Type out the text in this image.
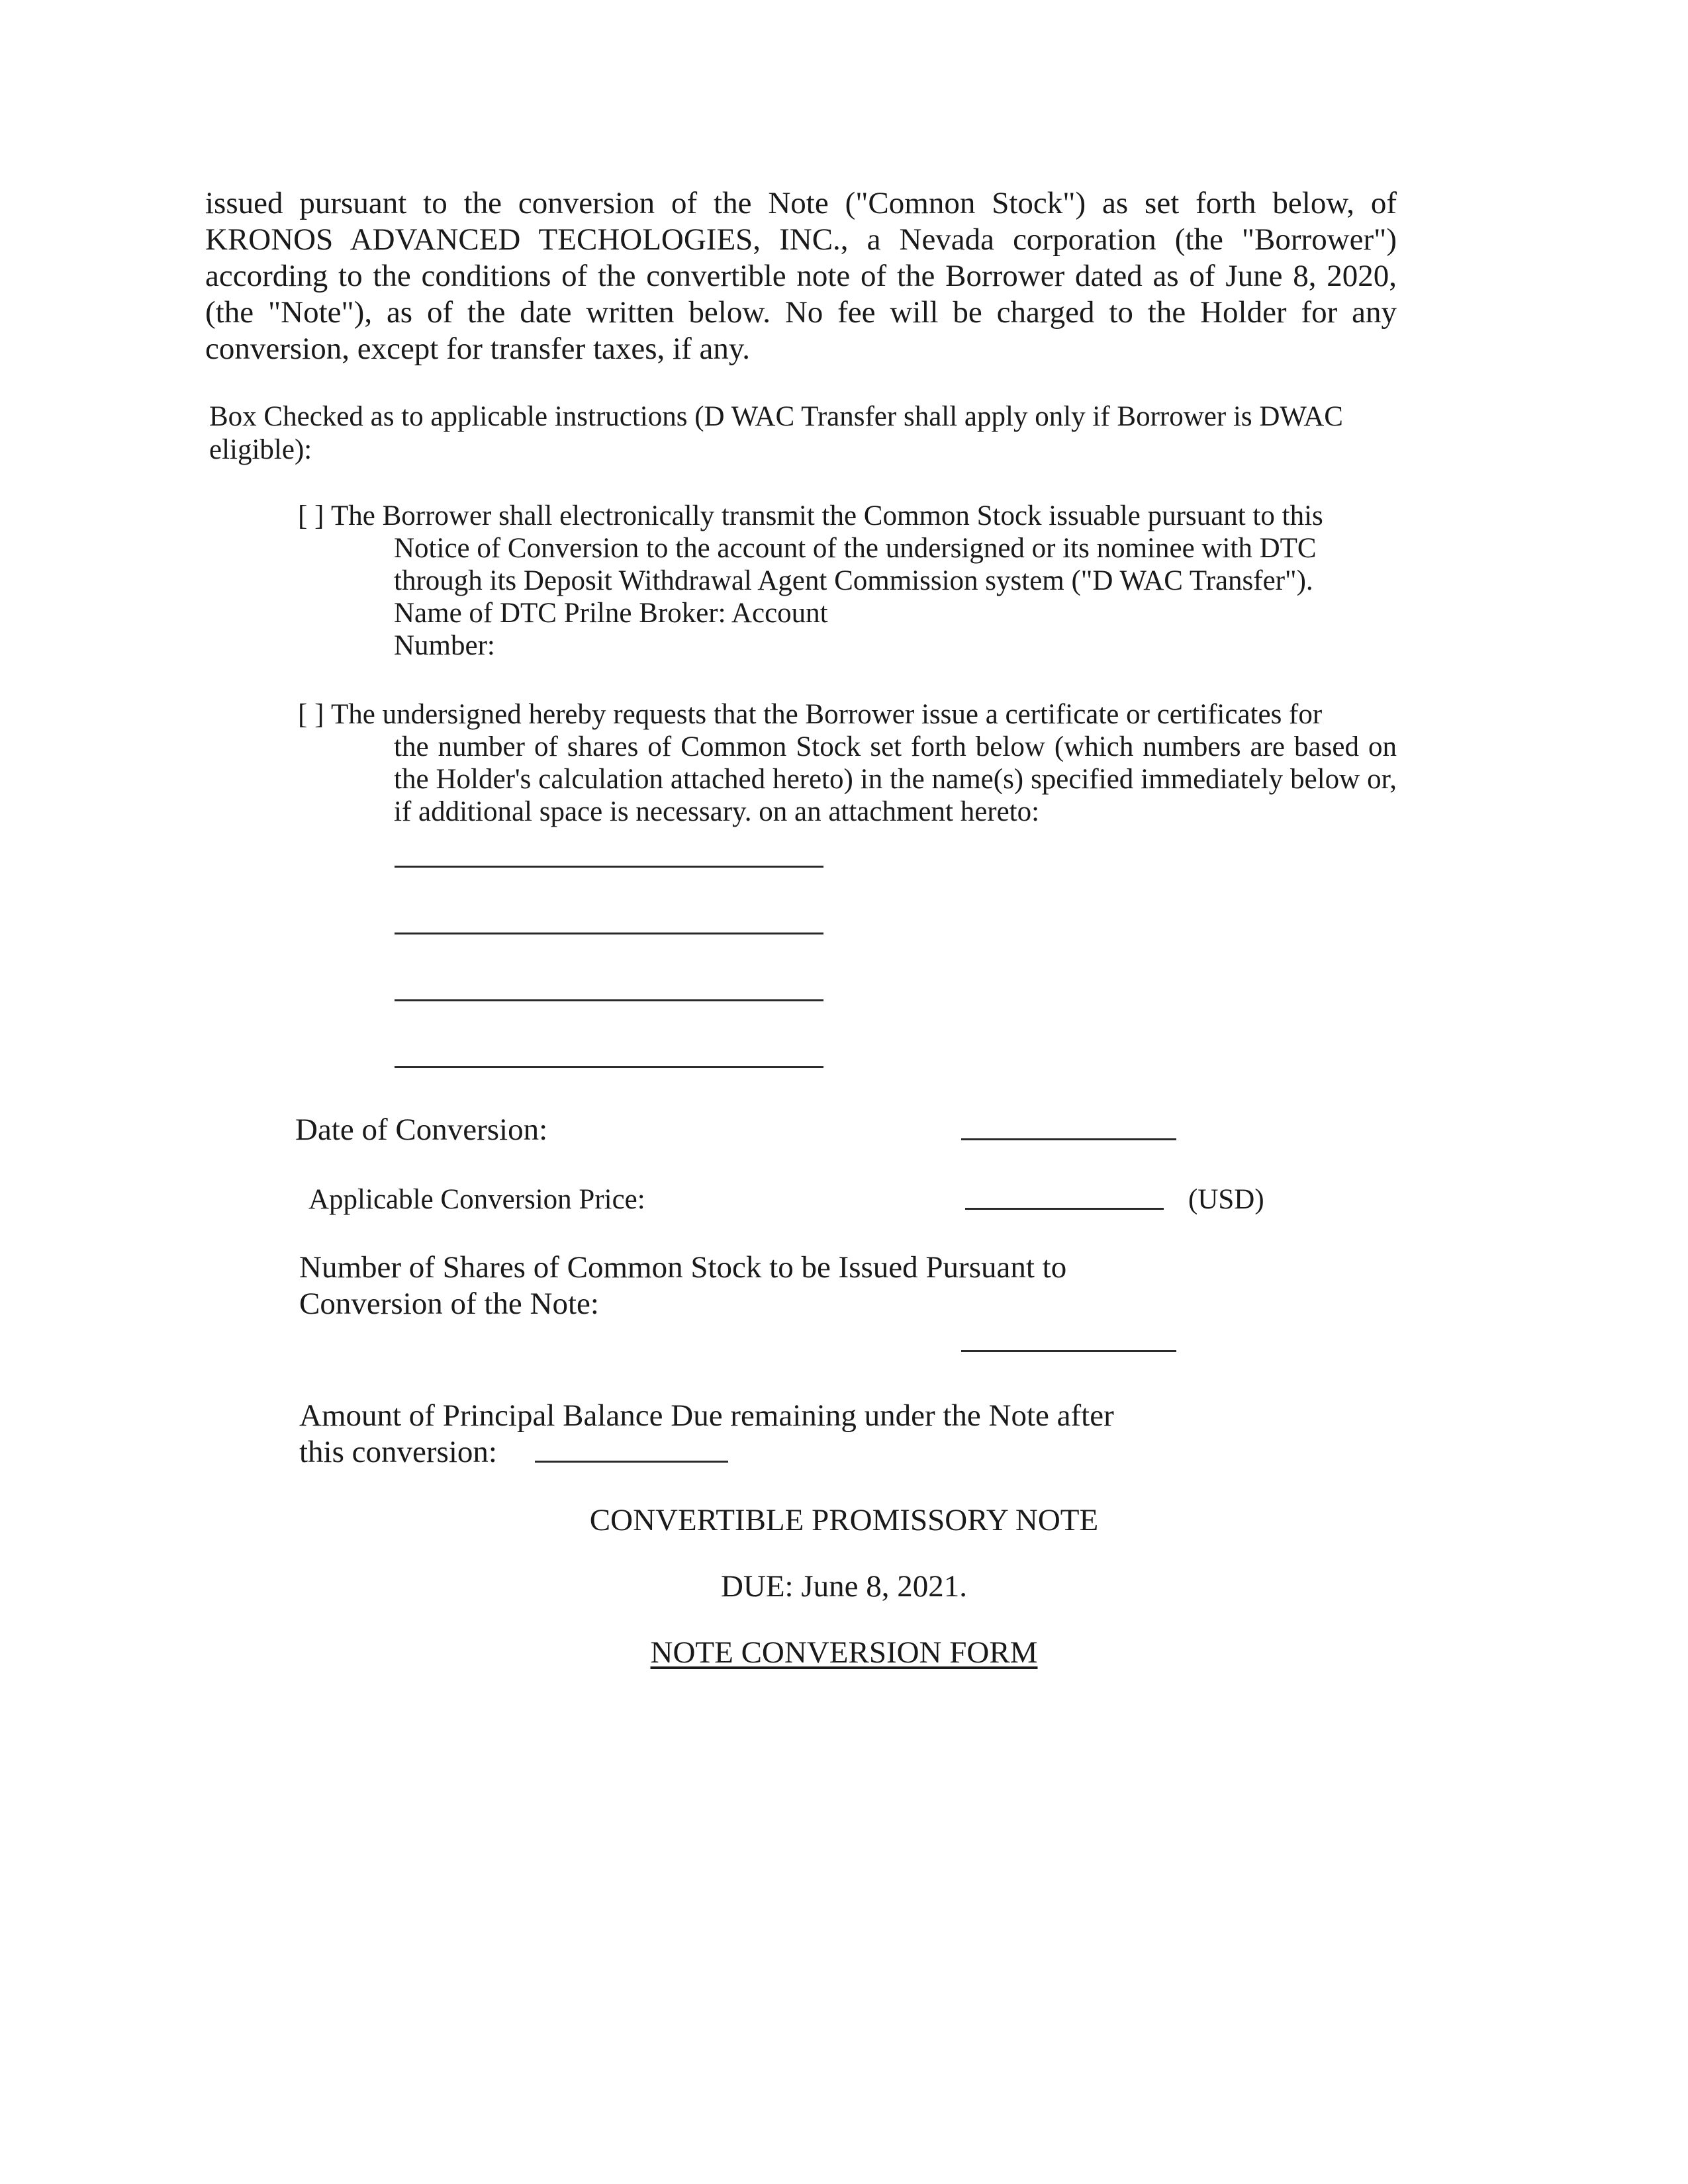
issued pursuant to the conversion of the Note ("Comnon Stock") as set forth below, of KRONOS ADVANCED TECHOLOGIES, INC., a Nevada corporation (the "Borrower") according to the conditions of the convertible note of the Borrower dated as of June 8, 2020, (the "Note"), as of the date written below. No fee will be charged to the Holder for any conversion, except for transfer taxes, if any.
Box Checked as to applicable instructions (D WAC Transfer shall apply only if Borrower is DWAC eligible):
[ ] The Borrower shall electronically transmit the Common Stock issuable pursuant to this
Notice of Conversion to the account of the undersigned or its nominee with DTC through its Deposit Withdrawal Agent Commission system ("D WAC Transfer").
Name of DTC Prilne Broker: Account
Number:
[ ] The undersigned hereby requests that the Borrower issue a certificate or certificates for
the number of shares of Common Stock set forth below (which numbers are based on the Holder's calculation attached hereto) in the name(s) specified immediately below or, if additional space is necessary. on an attachment hereto:
Date of Conversion:
Applicable Conversion Price:	(USD)
Number of Shares of Common Stock to be Issued Pursuant to
Conversion of the Note:
Amount of Principal Balance Due remaining under the Note after
this conversion:
CONVERTIBLE PROMISSORY NOTE
DUE: June 8, 2021.
NOTE CONVERSION FORM
